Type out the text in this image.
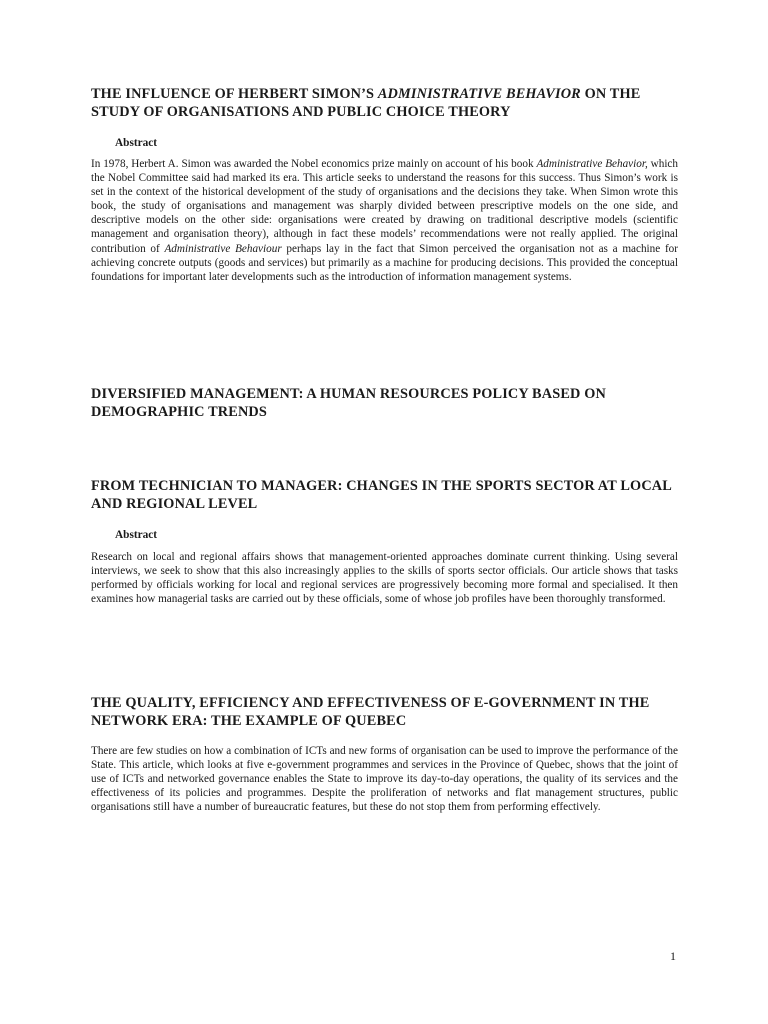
THE INFLUENCE OF HERBERT SIMON’S ADMINISTRATIVE BEHAVIOR ON THE STUDY OF ORGANISATIONS AND PUBLIC CHOICE THEORY
Abstract

In 1978, Herbert A. Simon was awarded the Nobel economics prize mainly on account of his book Administrative Behavior, which the Nobel Committee said had marked its era. This article seeks to understand the reasons for this success. Thus Simon’s work is set in the context of the historical development of the study of organisations and the decisions they take. When Simon wrote this book, the study of organisations and management was sharply divided between prescriptive models on the one side, and descriptive models on the other side: organisations were created by drawing on traditional descriptive models (scientific management and organisation theory), although in fact these models’ recommendations were not really applied. The original contribution of Administrative Behaviour perhaps lay in the fact that Simon perceived the organisation not as a machine for achieving concrete outputs (goods and services) but primarily as a machine for producing decisions. This provided the conceptual foundations for important later developments such as the introduction of information management systems.

DIVERSIFIED MANAGEMENT: A HUMAN RESOURCES POLICY BASED ON DEMOGRAPHIC TRENDS
FROM TECHNICIAN TO MANAGER: CHANGES IN THE SPORTS SECTOR AT LOCAL AND REGIONAL LEVEL
Abstract

Research on local and regional affairs shows that management-oriented approaches dominate current thinking. Using several interviews, we seek to show that this also increasingly applies to the skills of sports sector officials. Our article shows that tasks performed by officials working for local and regional services are progressively becoming more formal and specialised. It then examines how managerial tasks are carried out by these officials, some of whose job profiles have been thoroughly transformed.

THE QUALITY, EFFICIENCY AND EFFECTIVENESS OF E-GOVERNMENT IN THE NETWORK ERA: THE EXAMPLE OF QUEBEC

There are few studies on how a combination of ICTs and new forms of organisation can be used to improve the performance of the State. This article, which looks at five e-government programmes and services in the Province of Quebec, shows that the joint of use of ICTs and networked governance enables the State to improve its day-to-day operations, the quality of its services and the effectiveness of its policies and programmes. Despite the proliferation of networks and flat management structures, public organisations still have a number of bureaucratic features, but these do not stop them from performing effectively.

1
